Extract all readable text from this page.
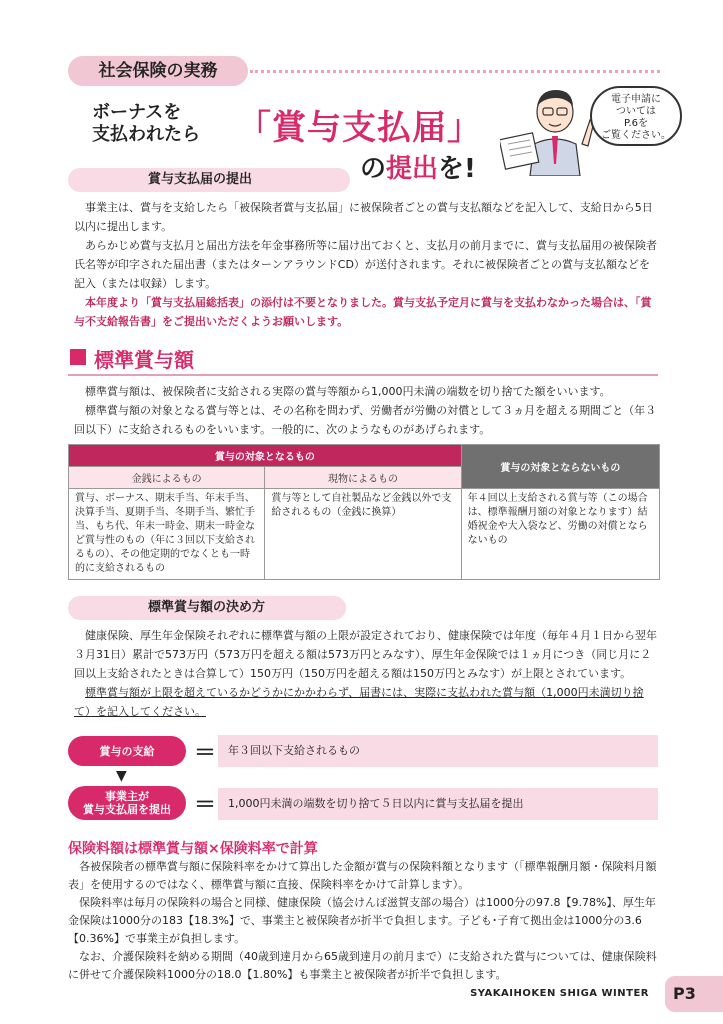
社会保険の実務
ボーナスを
支払われたら	「賞与支払届」
の提出を!
電子申請に
ついては
P.6を
ご覧ください。
賞与支払届の提出
事業主は、賞与を支給したら「被保険者賞与支払届」に被保険者ごとの賞与支払額などを記入して、支給日から5日以内に提出します。
あらかじめ賞与支払月と届出方法を年金事務所等に届け出ておくと、支払月の前月までに、賞与支払届用の被保険者氏名等が印字された届出書（またはターンアラウンドCD）が送付されます。それに被保険者ごとの賞与支払額などを記入（または収録）します。
本年度より「賞与支払届総括表」の添付は不要となりました。賞与支払予定月に賞与を支払わなかった場合は、「賞与不支給報告書」をご提出いただくようお願いします。
標準賞与額
標準賞与額は、被保険者に支給される実際の賞与等額から1,000円未満の端数を切り捨てた額をいいます。
標準賞与額の対象となる賞与等とは、その名称を問わず、労働者が労働の対償として３ヵ月を超える期間ごと（年３回以下）に支給されるものをいいます。一般的に、次のようなものがあげられます。
賞与の対象となるもの		賞与の対象とならないもの
金銭によるもの	現物によるもの	
賞与、ボーナス、期末手当、年末手当、決算手当、夏期手当、冬期手当、繁忙手当、もち代、年末一時金、期末一時金など賞与性のもの（年に３回以下支給されるもの）、その他定期的でなくとも一時的に支給されるもの	賞与等として自社製品など金銭以外で支給されるもの（金銭に換算）	年４回以上支給される賞与等（この場合は、標準報酬月額の対象となります）結婚祝金や大入袋など、労働の対償とならないもの
標準賞与額の決め方
健康保険、厚生年金保険それぞれに標準賞与額の上限が設定されており、健康保険では年度（毎年４月１日から翌年３月31日）累計で573万円（573万円を超える額は573万円とみなす）、厚生年金保険では１ヵ月につき（同じ月に２回以上支給されたときは合算して）150万円（150万円を超える額は150万円とみなす）が上限とされています。
標準賞与額が上限を超えているかどうかにかかわらず、届書には、実際に支払われた賞与額（1,000円未満切り捨て）を記入してください。
賞与の支給	＝	年３回以下支給されるもの
▼
事業主が
賞与支払届を提出 ＝	1,000円未満の端数を切り捨て５日以内に賞与支払届を提出
保険料額は標準賞与額×保険料率で計算
各被保険者の標準賞与額に保険料率をかけて算出した金額が賞与の保険料額となります（「標準報酬月額・保険料月額表」を使用するのではなく、標準賞与額に直接、保険料率をかけて計算します）。
保険料率は毎月の保険料の場合と同様、健康保険（協会けんぽ滋賀支部の場合）は1000分の97.8【9.78%】、厚生年金保険は1000分の183【18.3%】で、事業主と被保険者が折半で負担します。子ども･子育て拠出金は1000分の3.6【0.36%】で事業主が負担します。
なお、介護保険料を納める期間（40歳到達月から65歳到達月の前月まで）に支給された賞与については、健康保険料に併せて介護保険料1000分の18.0【1.80%】も事業主と被保険者が折半で負担します。
SYAKAIHOKEN SHIGA WINTER	P3
